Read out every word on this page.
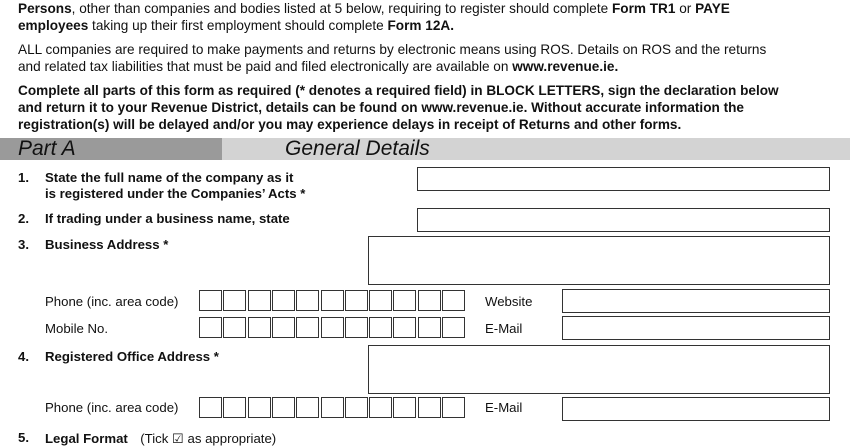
Persons, other than companies and bodies listed at 5 below, requiring to register should complete Form TR1 or PAYE
employees taking up their first employment should complete Form 12A.
ALL companies are required to make payments and returns by electronic means using ROS. Details on ROS and the returns
and related tax liabilities that must be paid and filed electronically are available on www.revenue.ie.
Complete all parts of this form as required (* denotes a required field) in BLOCK LETTERS, sign the declaration below
and return it to your Revenue District, details can be found on www.revenue.ie. Without accurate information the
registration(s) will be delayed and/or you may experience delays in receipt of Returns and other forms.
Part A	General Details
1. State the full name of the company as it
is registered under the Companies’ Acts *
2. If trading under a business name, state
3. Business Address *
Phone (inc. area code)	Website
Mobile No.	E-Mail
4. Registered Office Address *
Phone (inc. area code)	E-Mail
5. Legal Format (Tick ☑ as appropriate)
